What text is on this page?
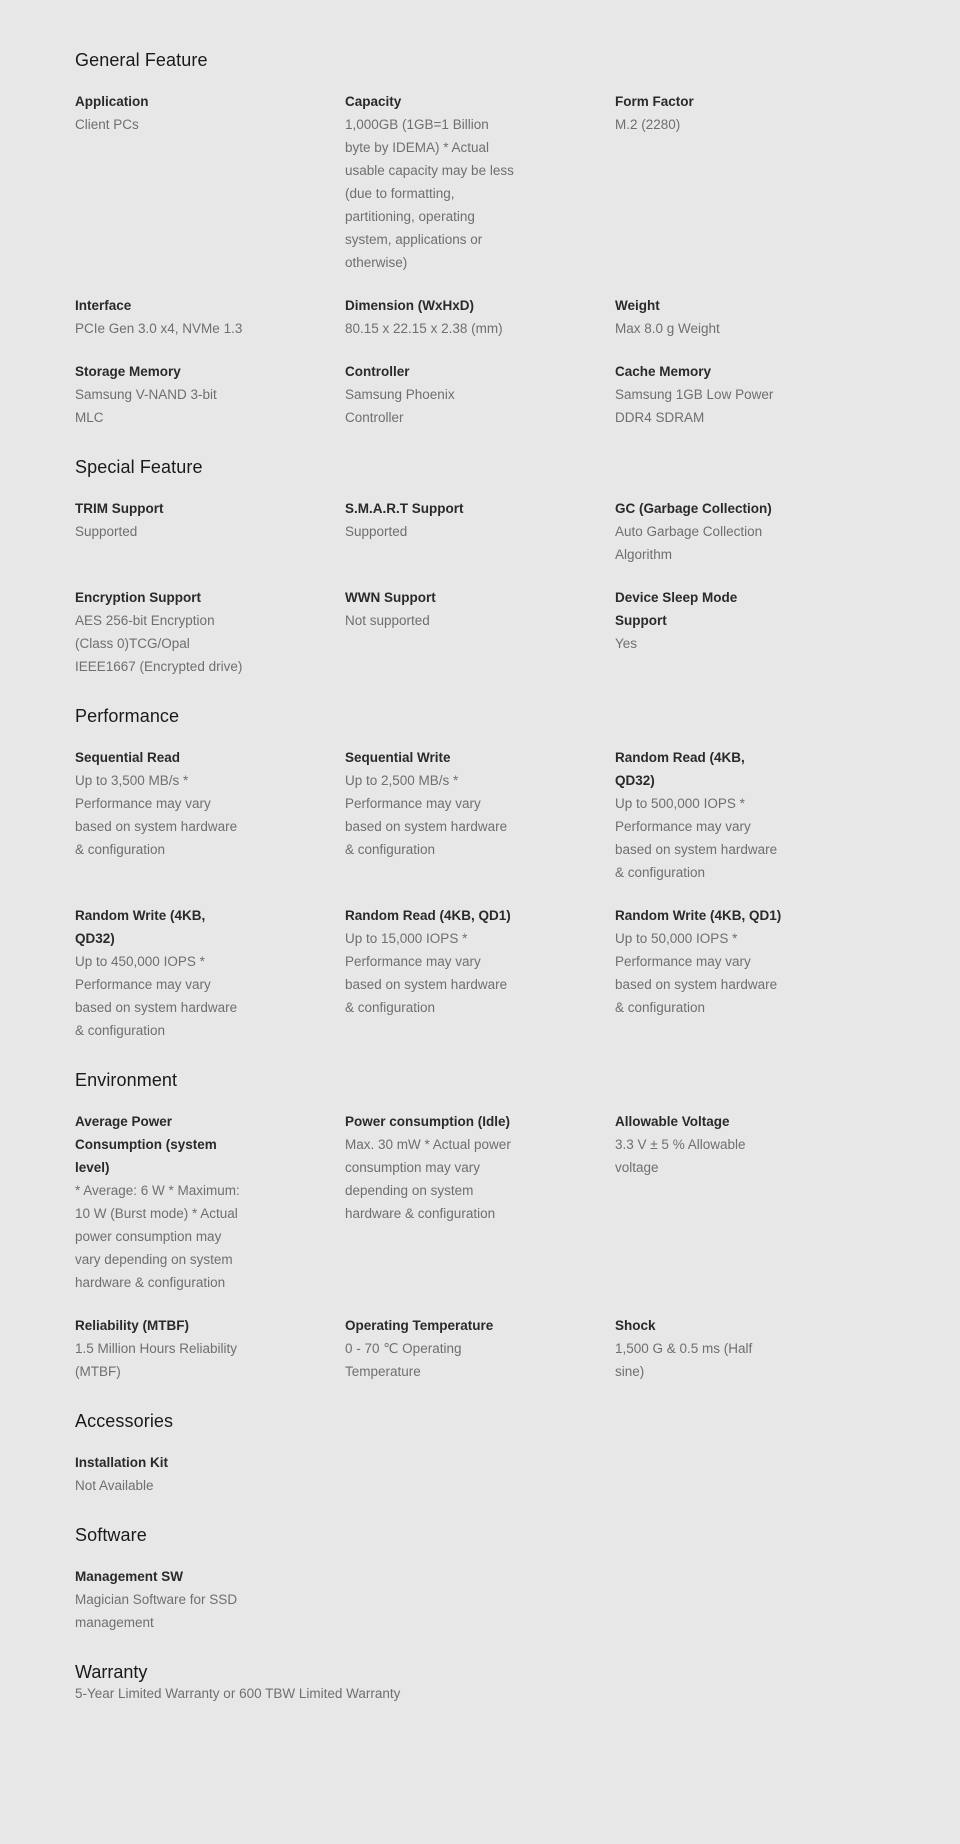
General Feature
Application
Client PCs
Capacity
1,000GB (1GB=1 Billion byte by IDEMA) * Actual usable capacity may be less (due to formatting, partitioning, operating system, applications or otherwise)
Form Factor
M.2 (2280)
Interface
PCIe Gen 3.0 x4, NVMe 1.3
Dimension (WxHxD)
80.15 x 22.15 x 2.38 (mm)
Weight
Max 8.0 g Weight
Storage Memory
Samsung V-NAND 3-bit MLC
Controller
Samsung Phoenix Controller
Cache Memory
Samsung 1GB Low Power DDR4 SDRAM
Special Feature
TRIM Support
Supported
S.M.A.R.T Support
Supported
GC (Garbage Collection)
Auto Garbage Collection Algorithm
Encryption Support
AES 256-bit Encryption (Class 0)TCG/Opal IEEE1667 (Encrypted drive)
WWN Support
Not supported
Device Sleep Mode Support
Yes
Performance
Sequential Read
Up to 3,500 MB/s * Performance may vary based on system hardware & configuration
Sequential Write
Up to 2,500 MB/s * Performance may vary based on system hardware & configuration
Random Read (4KB, QD32)
Up to 500,000 IOPS * Performance may vary based on system hardware & configuration
Random Write (4KB, QD32)
Up to 450,000 IOPS * Performance may vary based on system hardware & configuration
Random Read (4KB, QD1)
Up to 15,000 IOPS * Performance may vary based on system hardware & configuration
Random Write (4KB, QD1)
Up to 50,000 IOPS * Performance may vary based on system hardware & configuration
Environment
Average Power Consumption (system level)
* Average: 6 W * Maximum: 10 W (Burst mode) * Actual power consumption may vary depending on system hardware & configuration
Power consumption (Idle)
Max. 30 mW * Actual power consumption may vary depending on system hardware & configuration
Allowable Voltage
3.3 V ± 5 % Allowable voltage
Reliability (MTBF)
1.5 Million Hours Reliability (MTBF)
Operating Temperature
0 - 70 ℃ Operating Temperature
Shock
1,500 G & 0.5 ms (Half sine)
Accessories
Installation Kit
Not Available
Software
Management SW
Magician Software for SSD management
Warranty
5-Year Limited Warranty or 600 TBW Limited Warranty
